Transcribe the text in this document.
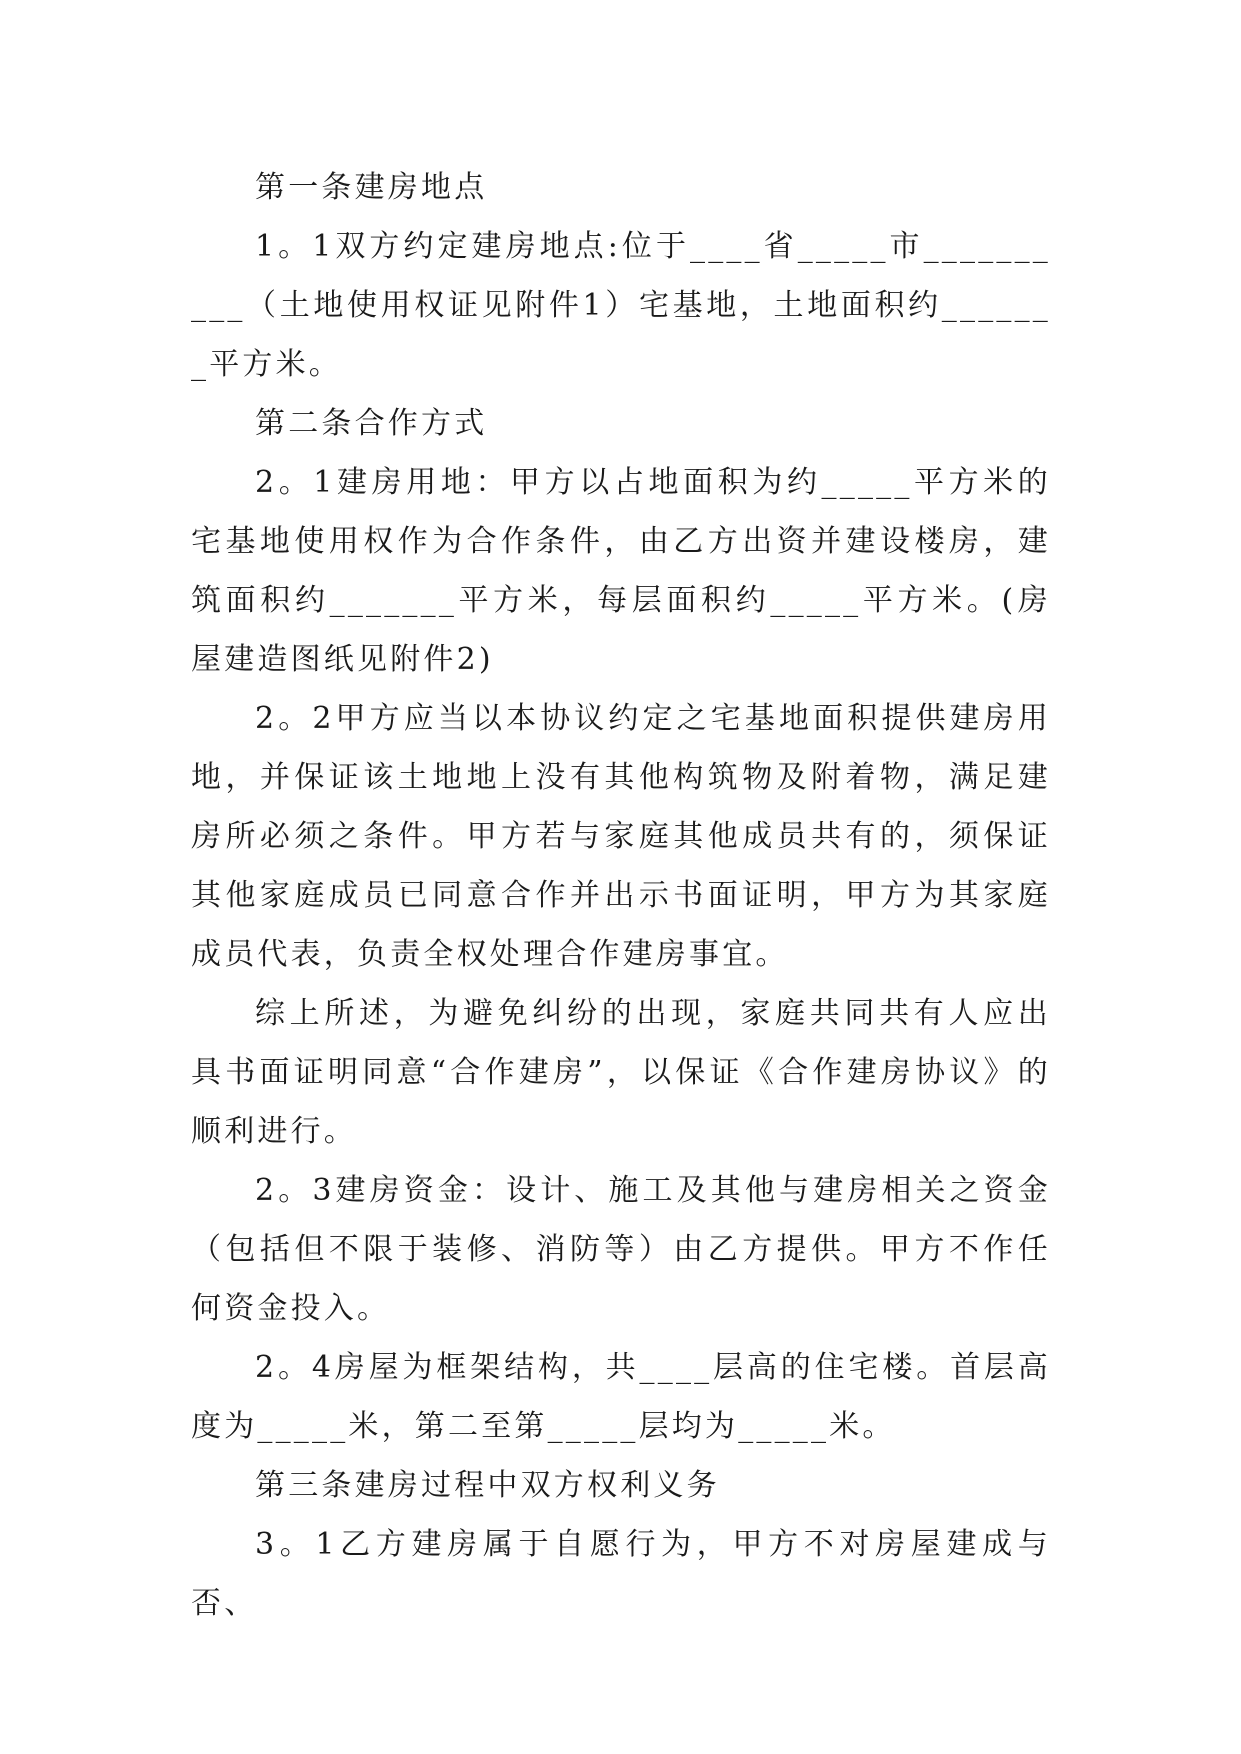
第一条建房地点

1。1双方约定建房地点:位于____省_____市__________（土地使用权证见附件1）宅基地，土地面积约_______平方米。

第二条合作方式

2。1建房用地：甲方以占地面积为约_____平方米的宅基地使用权作为合作条件，由乙方出资并建设楼房，建筑面积约_______平方米，每层面积约_____平方米。(房屋建造图纸见附件2)

2。2甲方应当以本协议约定之宅基地面积提供建房用地，并保证该土地地上没有其他构筑物及附着物，满足建房所必须之条件。甲方若与家庭其他成员共有的，须保证其他家庭成员已同意合作并出示书面证明，甲方为其家庭成员代表，负责全权处理合作建房事宜。

综上所述，为避免纠纷的出现，家庭共同共有人应出具书面证明同意“合作建房”，以保证《合作建房协议》的顺利进行。

2。3建房资金：设计、施工及其他与建房相关之资金（包括但不限于装修、消防等）由乙方提供。甲方不作任何资金投入。

2。4房屋为框架结构，共____层高的住宅楼。首层高度为_____米，第二至第_____层均为_____米。

第三条建房过程中双方权利义务

3。1乙方建房属于自愿行为，甲方不对房屋建成与否、
